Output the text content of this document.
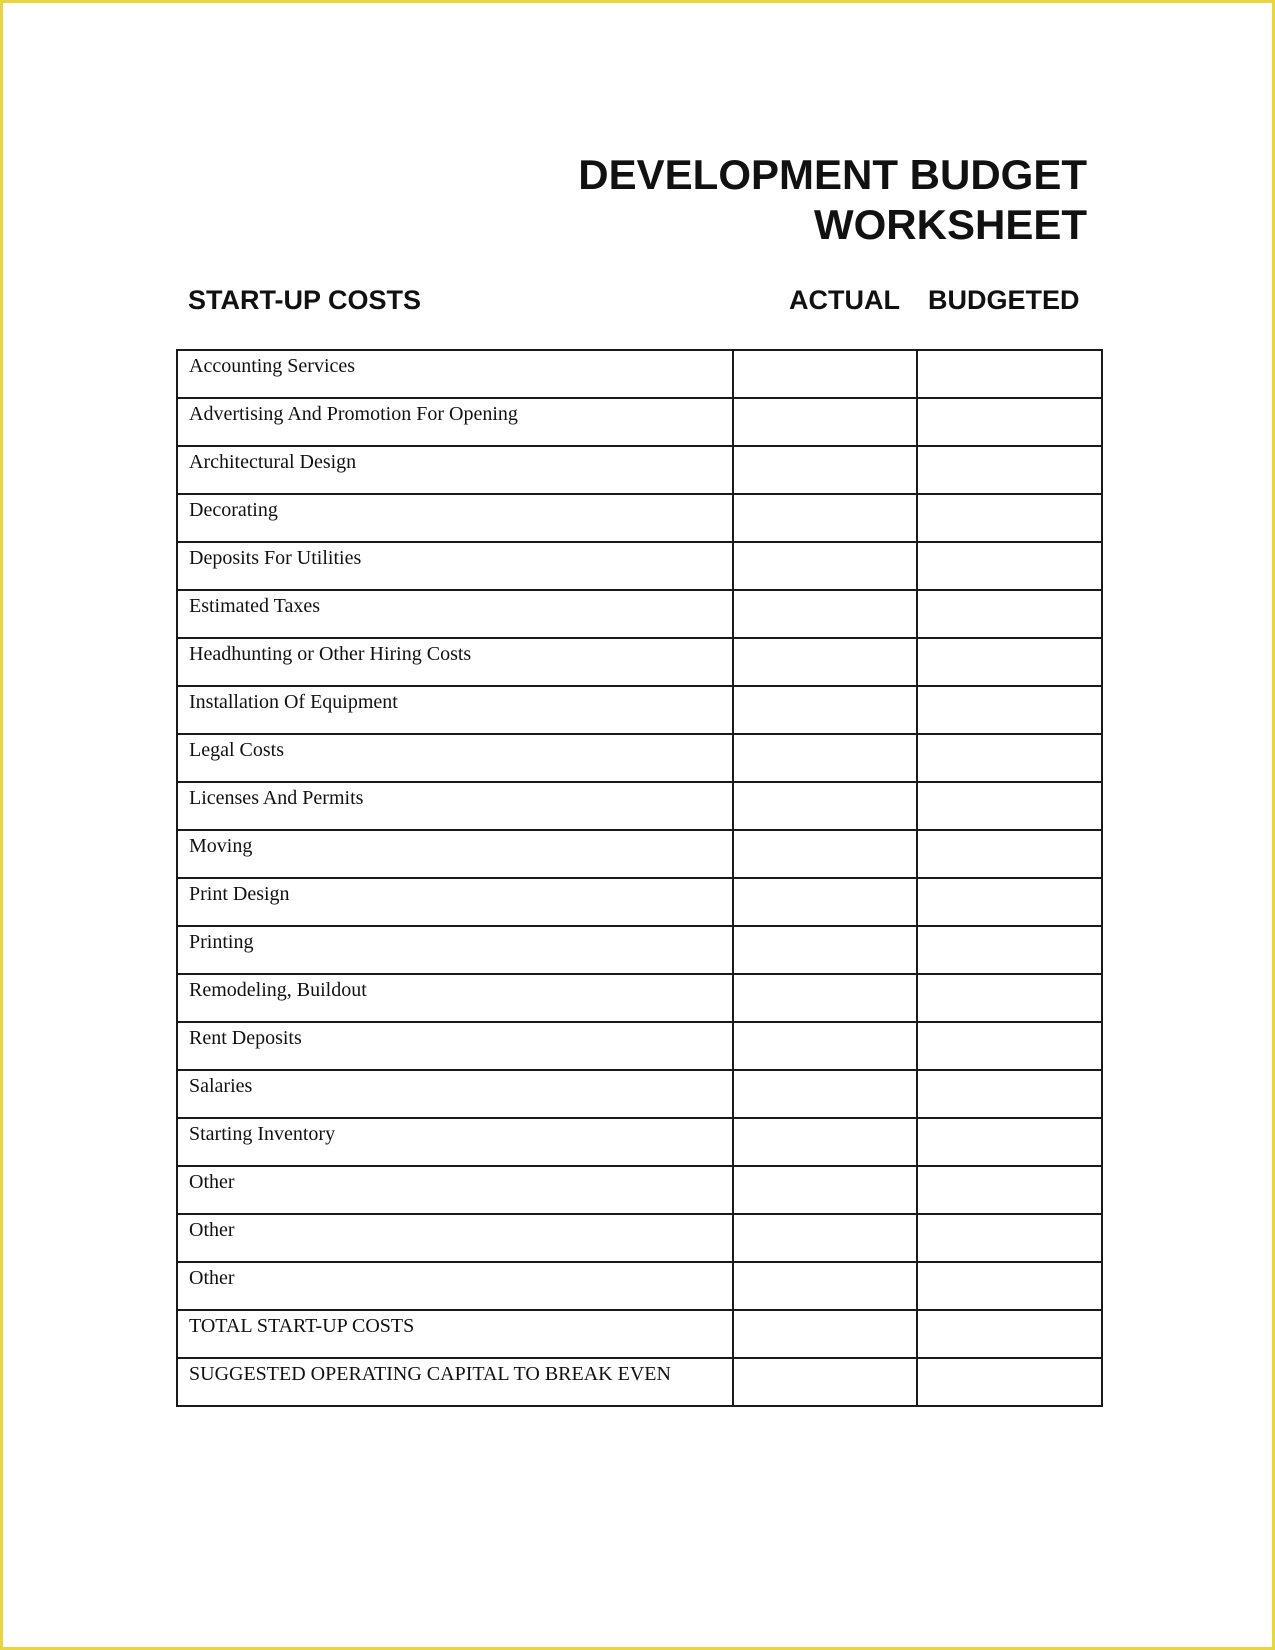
DEVELOPMENT BUDGET
WORKSHEET
START-UP COSTS	ACTUAL BUDGETED
Accounting Services		
Advertising And Promotion For Opening		
Architectural Design		
Decorating		
Deposits For Utilities		
Estimated Taxes		
Headhunting or Other Hiring Costs		
Installation Of Equipment		
Legal Costs		
Licenses And Permits		
Moving		
Print Design		
Printing		
Remodeling, Buildout		
Rent Deposits		
Salaries		
Starting Inventory		
Other		
Other		
Other		
TOTAL START-UP COSTS		
SUGGESTED OPERATING CAPITAL TO BREAK EVEN		
